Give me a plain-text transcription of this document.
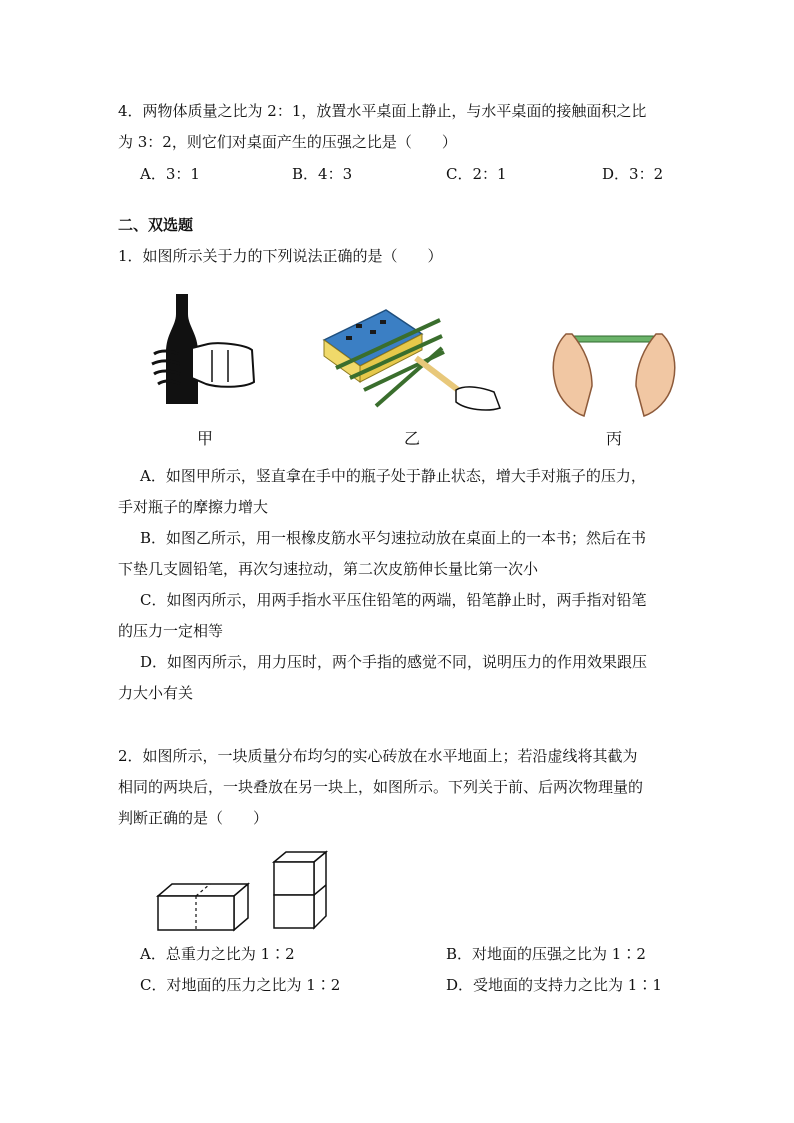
4．两物体质量之比为 2：1，放置水平桌面上静止，与水平桌面的接触面积之比
为 3：2，则它们对桌面产生的压强之比是（　　）
A．3：1	B．4：3	C．2：1	D．3：2
二、双选题
1．如图所示关于力的下列说法正确的是（　　）
甲	乙	丙
A．如图甲所示，竖直拿在手中的瓶子处于静止状态，增大手对瓶子的压力，
手对瓶子的摩擦力增大
B．如图乙所示，用一根橡皮筋水平匀速拉动放在桌面上的一本书；然后在书
下垫几支圆铅笔，再次匀速拉动，第二次皮筋伸长量比第一次小
C．如图丙所示，用两手指水平压住铅笔的两端，铅笔静止时，两手指对铅笔
的压力一定相等
D．如图丙所示，用力压时，两个手指的感觉不同，说明压力的作用效果跟压
力大小有关
2．如图所示，一块质量分布均匀的实心砖放在水平地面上；若沿虚线将其截为
相同的两块后，一块叠放在另一块上，如图所示。下列关于前、后两次物理量的
判断正确的是（　　）
A．总重力之比为 1∶2	B．对地面的压强之比为 1∶2
C．对地面的压力之比为 1∶2	D．受地面的支持力之比为 1∶1
